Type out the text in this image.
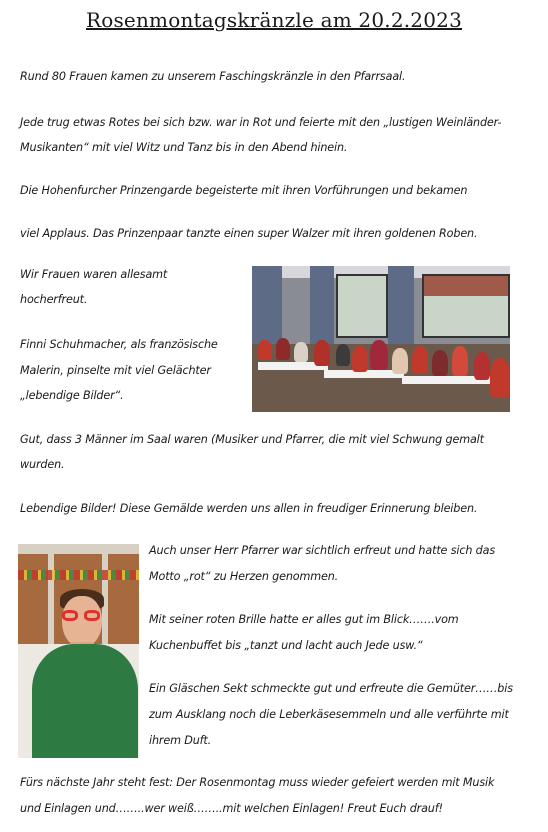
Rosenmontagskränzle am 20.2.2023
Rund 80 Frauen kamen zu unserem Faschingskränzle in den Pfarrsaal.
Jede trug etwas Rotes bei sich bzw. war in Rot und feierte mit den „lustigen Weinländer-
Musikanten“ mit viel Witz und Tanz bis in den Abend hinein.
Die Hohenfurcher Prinzengarde begeisterte mit ihren Vorführungen und bekamen
viel Applaus. Das Prinzenpaar tanzte einen super Walzer mit ihren goldenen Roben.
Wir Frauen waren allesamt
hocherfreut.
Finni Schuhmacher, als französische
Malerin, pinselte mit viel Gelächter
„lebendige Bilder“.
Gut, dass 3 Männer im Saal waren (Musiker und Pfarrer, die mit viel Schwung gemalt
wurden.
Lebendige Bilder! Diese Gemälde werden uns allen in freudiger Erinnerung bleiben.
Auch unser Herr Pfarrer war sichtlich erfreut und hatte sich das
Motto „rot“ zu Herzen genommen.
Mit seiner roten Brille hatte er alles gut im Blick…….vom
Kuchenbuffet bis „tanzt und lacht auch Jede usw.“
Ein Gläschen Sekt schmeckte gut und erfreute die Gemüter……bis
zum Ausklang noch die Leberkäsesemmeln und alle verführte mit
ihrem Duft.
Fürs nächste Jahr steht fest: Der Rosenmontag muss wieder gefeiert werden mit Musik
und Einlagen und……..wer weiß……..mit welchen Einlagen! Freut Euch drauf!
